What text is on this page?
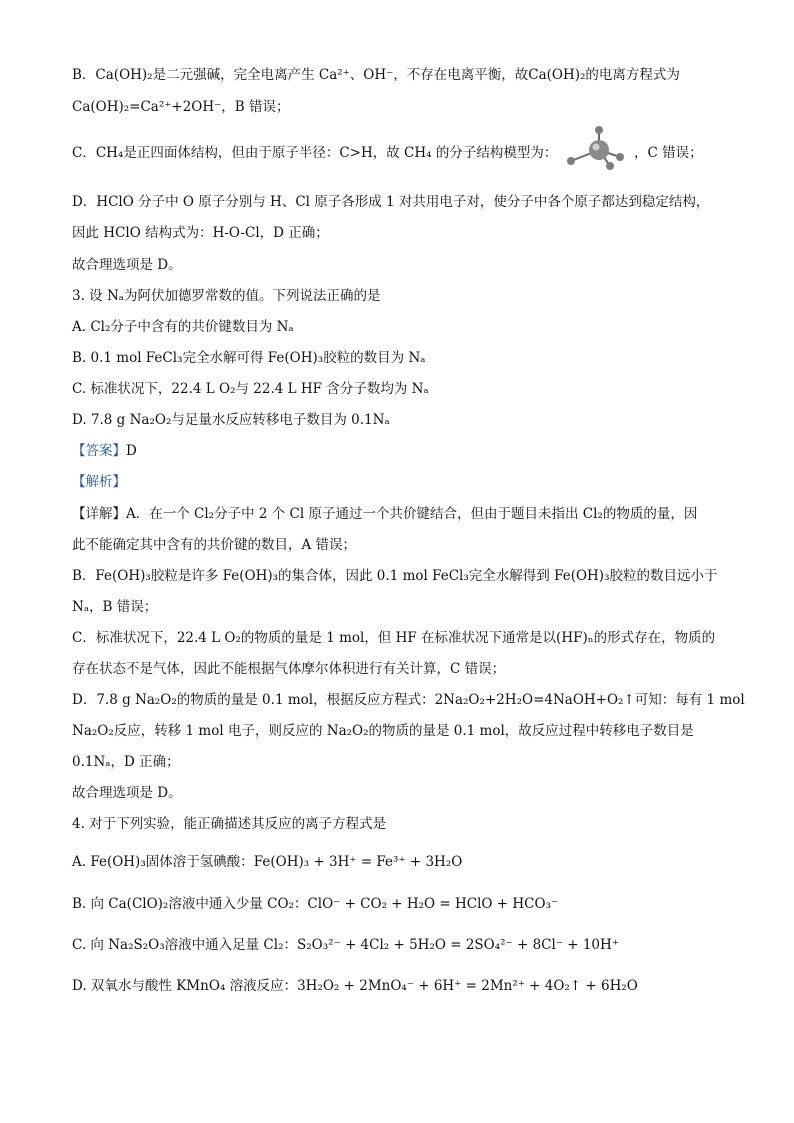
B．Ca(OH)₂是二元强碱，完全电离产生 Ca²⁺、OH⁻，不存在电离平衡，故Ca(OH)₂的电离方程式为
Ca(OH)₂=Ca²⁺+2OH⁻，B 错误；
C．CH₄是正四面体结构，但由于原子半径：C>H，故 CH₄ 的分子结构模型为：	，C 错误；
D．HClO 分子中 O 原子分别与 H、Cl 原子各形成 1 对共用电子对，使分子中各个原子都达到稳定结构，
因此 HClO 结构式为：H-O-Cl，D 正确；
故合理选项是 D。
3. 设 Nₐ为阿伏加德罗常数的值。下列说法正确的是
A. Cl₂分子中含有的共价键数目为 Nₐ
B. 0.1 mol FeCl₃完全水解可得 Fe(OH)₃胶粒的数目为 Nₐ
C. 标准状况下，22.4 L O₂与 22.4 L HF 含分子数均为 Nₐ
D. 7.8 g Na₂O₂与足量水反应转移电子数目为 0.1Nₐ
【答案】D
【解析】
【详解】A．在一个 Cl₂分子中 2 个 Cl 原子通过一个共价键结合，但由于题目未指出 Cl₂的物质的量，因
此不能确定其中含有的共价键的数目，A 错误；
B．Fe(OH)₃胶粒是许多 Fe(OH)₃的集合体，因此 0.1 mol FeCl₃完全水解得到 Fe(OH)₃胶粒的数目远小于
Nₐ，B 错误；
C．标准状况下，22.4 L O₂的物质的量是 1 mol，但 HF 在标准状况下通常是以(HF)ₙ的形式存在，物质的
存在状态不是气体，因此不能根据气体摩尔体积进行有关计算，C 错误；
D．7.8 g Na₂O₂的物质的量是 0.1 mol，根据反应方程式：2Na₂O₂+2H₂O=4NaOH+O₂↑可知：每有 1 mol
Na₂O₂反应，转移 1 mol 电子，则反应的 Na₂O₂的物质的量是 0.1 mol，故反应过程中转移电子数目是
0.1Nₐ，D 正确；
故合理选项是 D。
4. 对于下列实验，能正确描述其反应的离子方程式是
A. Fe(OH)₃固体溶于氢碘酸：Fe(OH)₃ + 3H⁺ = Fe³⁺ + 3H₂O
B. 向 Ca(ClO)₂溶液中通入少量 CO₂：ClO⁻ + CO₂ + H₂O = HClO + HCO₃⁻
C. 向 Na₂S₂O₃溶液中通入足量 Cl₂：S₂O₃²⁻ + 4Cl₂ + 5H₂O = 2SO₄²⁻ + 8Cl⁻ + 10H⁺
D. 双氧水与酸性 KMnO₄ 溶液反应：3H₂O₂ + 2MnO₄⁻ + 6H⁺ = 2Mn²⁺ + 4O₂↑ + 6H₂O
